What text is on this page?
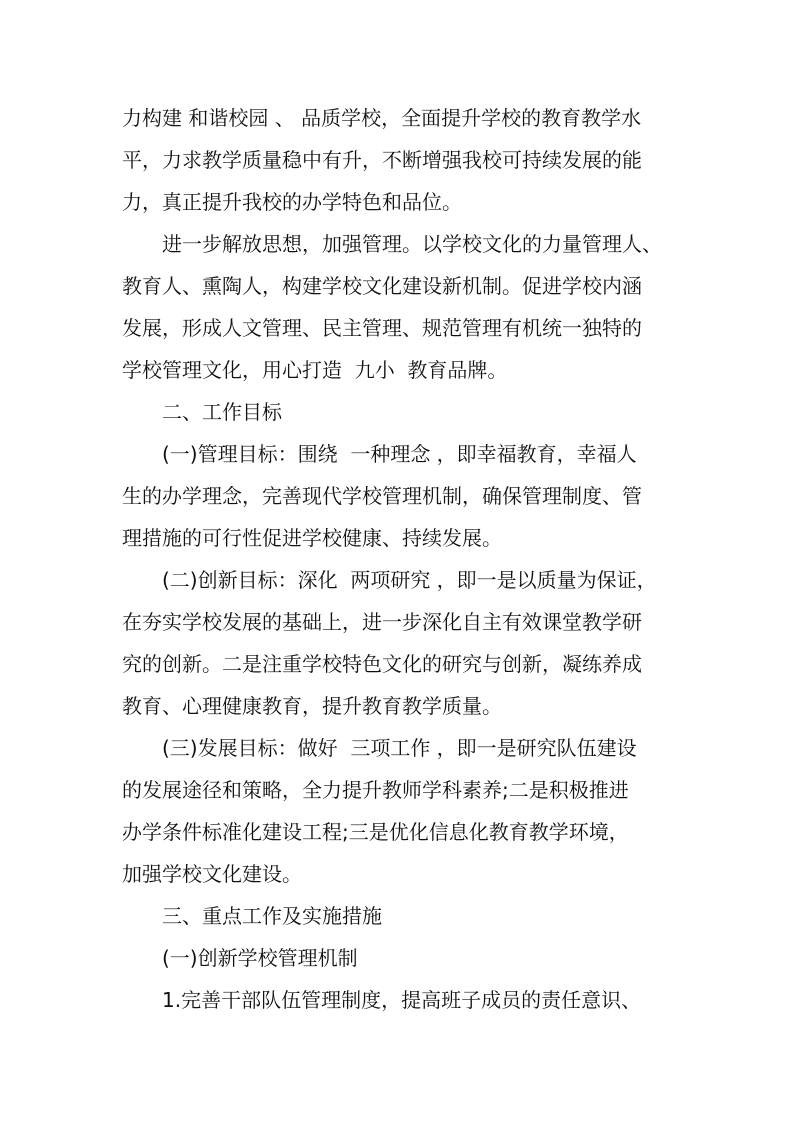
力构建 和谐校园 、 品质学校，全面提升学校的教育教学水

平，力求教学质量稳中有升，不断增强我校可持续发展的能

力，真正提升我校的办学特色和品位。

进一步解放思想，加强管理。以学校文化的力量管理人、

教育人、熏陶人，构建学校文化建设新机制。促进学校内涵

发展，形成人文管理、民主管理、规范管理有机统一独特的

学校管理文化，用心打造  九小  教育品牌。

二、工作目标

(一)管理目标：围绕  一种理念 ，即幸福教育，幸福人

生的办学理念，完善现代学校管理机制，确保管理制度、管

理措施的可行性促进学校健康、持续发展。

(二)创新目标：深化  两项研究 ，即一是以质量为保证，

在夯实学校发展的基础上，进一步深化自主有效课堂教学研

究的创新。二是注重学校特色文化的研究与创新，凝练养成

教育、心理健康教育，提升教育教学质量。

(三)发展目标：做好  三项工作 ，即一是研究队伍建设

的发展途径和策略，全力提升教师学科素养;二是积极推进

办学条件标准化建设工程;三是优化信息化教育教学环境，

加强学校文化建设。

三、重点工作及实施措施

(一)创新学校管理机制

1.完善干部队伍管理制度，提高班子成员的责任意识、
